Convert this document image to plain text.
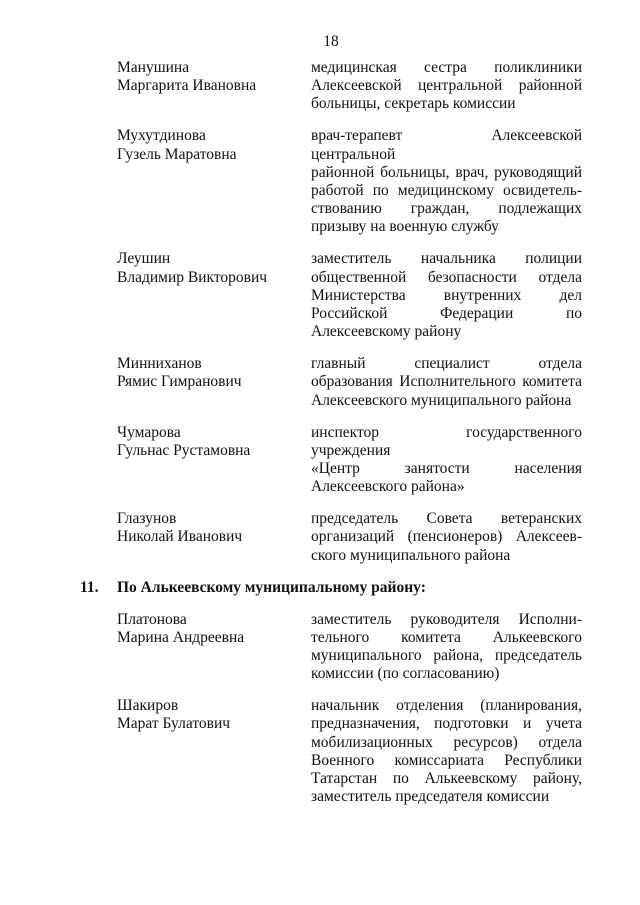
18
Манушина
Маргарита Ивановна
медицинская сестра поликлиники
Алексеевской центральной районной
больницы, секретарь комиссии
Мухутдинова
Гузель Маратовна
врач-терапевт Алексеевской центральной
районной больницы, врач, руководящий
работой по медицинскому освидетель-
ствованию граждан, подлежащих
призыву на военную службу
Леушин
Владимир Викторович
заместитель начальника полиции
общественной безопасности отдела
Министерства внутренних дел
Российской Федерации по
Алексеевскому району
Минниханов
Рямис Гимранович
главный специалист отдела
образования Исполнительного комитета
Алексеевского муниципального района
Чумарова
Гульнас Рустамовна
инспектор государственного учреждения
«Центр занятости населения
Алексеевского района»
Глазунов
Николай Иванович
председатель Совета ветеранских
организаций (пенсионеров) Алексеев-
ского муниципального района
11.	По Алькеевскому муниципальному району:
Платонова
Марина Андреевна
заместитель руководителя Исполни-
тельного комитета Алькеевского
муниципального района, председатель
комиссии (по согласованию)
Шакиров
Марат Булатович
начальник отделения (планирования,
предназначения, подготовки и учета
мобилизационных ресурсов) отдела
Военного комиссариата Республики
Татарстан по Алькеевскому району,
заместитель председателя комиссии
